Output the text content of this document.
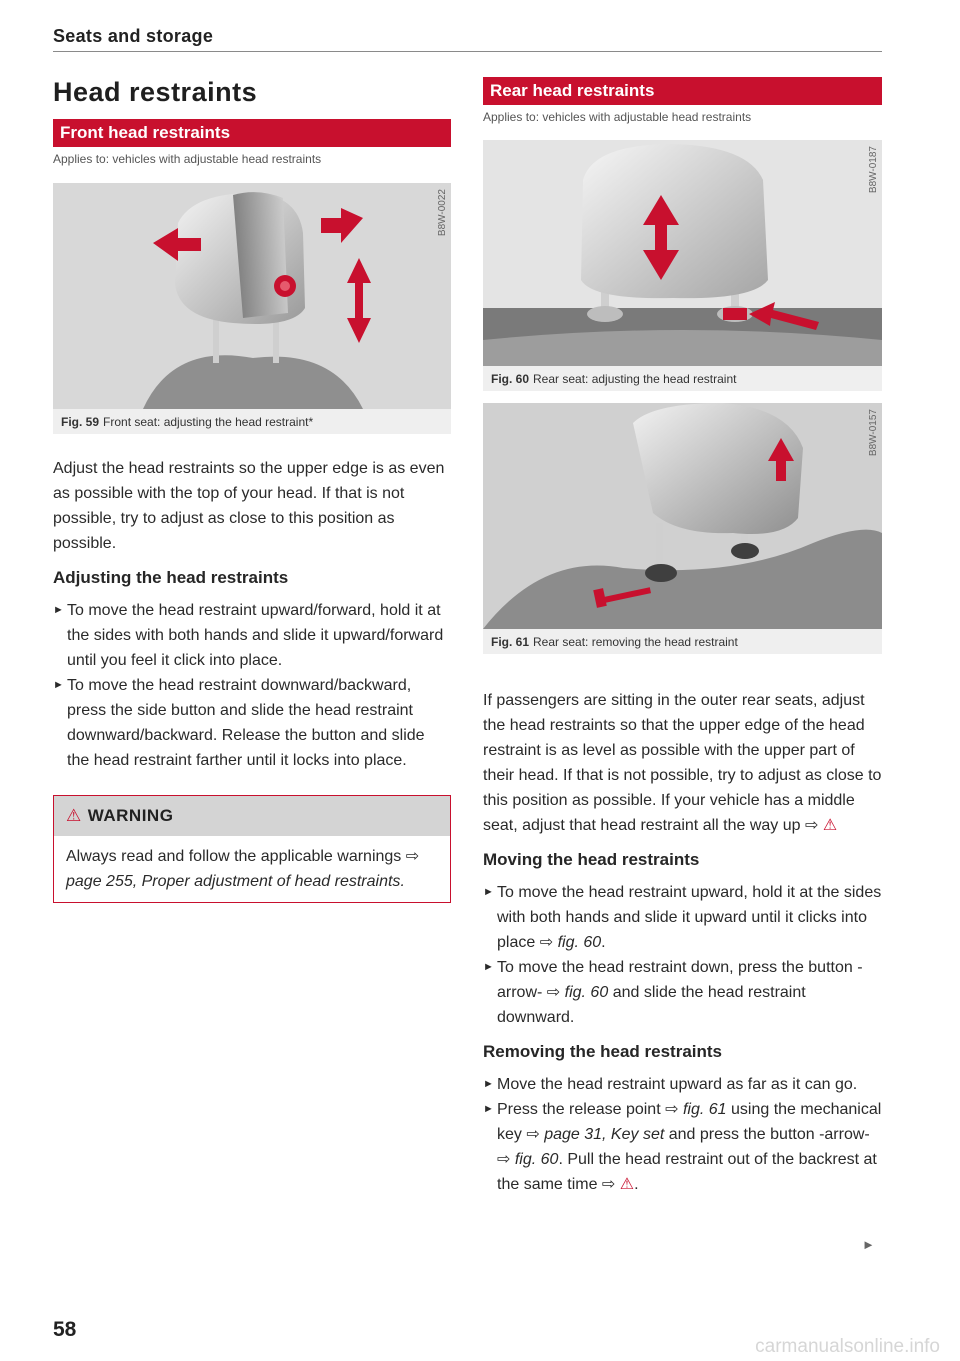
Seats and storage
Head restraints
Front head restraints
Applies to: vehicles with adjustable head restraints
B8W-0022
Fig. 59 Front seat: adjusting the head restraint*

Adjust the head restraints so the upper edge is as even as possible with the top of your head. If that is not possible, try to adjust as close to this position as possible.

Adjusting the head restraints
► To move the head restraint upward/forward, hold it at the sides with both hands and slide it upward/forward until you feel it click into place.
► To move the head restraint downward/backward, press the side button and slide the head restraint downward/backward. Release the button and slide the head restraint farther until it locks into place.
⚠ WARNING
Always read and follow the applicable warnings ⇨ page 255, Proper adjustment of head restraints.
Rear head restraints
Applies to: vehicles with adjustable head restraints
B8W-0187
Fig. 60 Rear seat: adjusting the head restraint
B8W-0157
Fig. 61 Rear seat: removing the head restraint

If passengers are sitting in the outer rear seats, adjust the head restraints so that the upper edge of the head restraint is as level as possible with the upper part of their head. If that is not possible, try to adjust as close to this position as possible. If your vehicle has a middle seat, adjust that head restraint all the way up ⇨ ⚠

Moving the head restraints
► To move the head restraint upward, hold it at the sides with both hands and slide it upward until it clicks into place ⇨ fig. 60.
► To move the head restraint down, press the button -arrow- ⇨ fig. 60 and slide the head restraint downward.
Removing the head restraints
► Move the head restraint upward as far as it can go.
► Press the release point ⇨ fig. 61 using the mechanical key ⇨ page 31, Key set and press the button -arrow- ⇨ fig. 60. Pull the head restraint out of the backrest at the same time ⇨ ⚠.
►
58
carmanualsonline.info
